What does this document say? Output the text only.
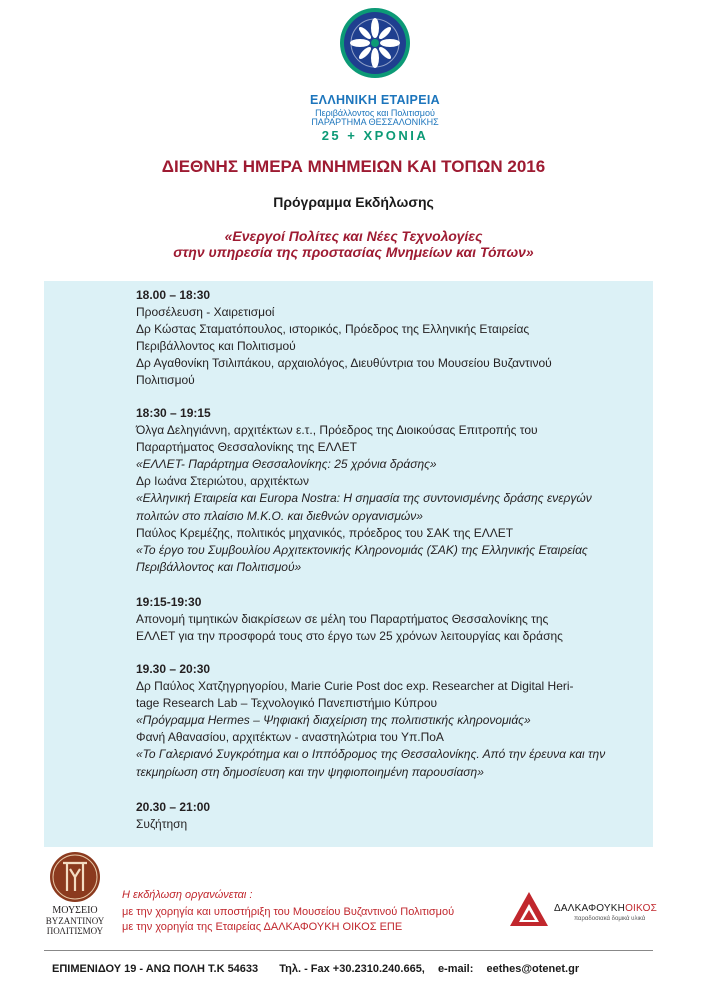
ΕΛΛΗΝΙΚΗ ΕΤΑΙΡΕΙΑ
Περιβάλλοντος και Πολιτισμού
ΠΑΡΑΡΤΗΜΑ ΘΕΣΣΑΛΟΝΙΚΗΣ
25 + ΧΡΟΝΙΑ
ΔΙΕΘΝΗΣ ΗΜΕΡΑ ΜΝΗΜΕΙΩΝ ΚΑΙ ΤΟΠΩΝ 2016
Πρόγραμμα Εκδήλωσης
«Ενεργοί Πολίτες και Νέες Τεχνολογίες
στην υπηρεσία της προστασίας Μνημείων και Τόπων»
18.00 – 18:30
Προσέλευση - Χαιρετισμοί
Δρ Κώστας Σταματόπουλος, ιστορικός, Πρόεδρος της Ελληνικής Εταιρείας
Περιβάλλοντος και Πολιτισμού
Δρ Αγαθονίκη Τσιλιπάκου, αρχαιολόγος, Διευθύντρια του Μουσείου Βυζαντινού
Πολιτισμού
18:30 – 19:15
Όλγα Δεληγιάννη, αρχιτέκτων ε.τ., Πρόεδρος της Διοικούσας Επιτροπής του
Παραρτήματος Θεσσαλονίκης της ΕΛΛΕΤ
«ΕΛΛΕΤ- Παράρτημα Θεσσαλονίκης: 25 χρόνια δράσης»
Δρ Ιωάνα Στεριώτου, αρχιτέκτων
«Ελληνική Εταιρεία και Europa Nostra: Η σημασία της συντονισμένης δράσης ενεργών
πολιτών στο πλαίσιο Μ.Κ.Ο. και διεθνών οργανισμών»
Παύλος Κρεμέζης, πολιτικός μηχανικός, πρόεδρος του ΣΑΚ της ΕΛΛΕΤ
«Το έργο του Συμβουλίου Αρχιτεκτονικής Κληρονομιάς (ΣΑΚ) της Ελληνικής Εταιρείας
Περιβάλλοντος και Πολιτισμού»
19:15-19:30
Απονομή τιμητικών διακρίσεων σε μέλη του Παραρτήματος Θεσσαλονίκης της
ΕΛΛΕΤ για την προσφορά τους στο έργο των 25 χρόνων λειτουργίας και δράσης
19.30 – 20:30
Δρ Παύλος Χατζηγρηγορίου, Marie Curie Post doc exp. Researcher at Digital Heri-
tage Research Lab – Τεχνολογικό Πανεπιστήμιο Κύπρου
«Πρόγραμμα Hermes – Ψηφιακή διαχείριση της πολιτιστικής κληρονομιάς»
Φανή Αθανασίου, αρχιτέκτων - αναστηλώτρια του Υπ.ΠοΑ
«Το Γαλεριανό Συγκρότημα και ο Ιππόδρομος της Θεσσαλονίκης. Από την έρευνα και την
τεκμηρίωση στη δημοσίευση και την ψηφιοποιημένη παρουσίαση»
20.30 – 21:00
Συζήτηση
ΜΟΥΣΕΙΟ
ΒΥΖΑΝΤΙΝΟΥ
ΠΟΛΙΤΙΣΜΟΥ
Η εκδήλωση οργανώνεται :
με την χορηγία και υποστήριξη του Μουσείου Βυζαντινού Πολιτισμού
με την χορηγία της Εταιρείας ΔΑΛΚΑΦΟΥΚΗ ΟΙΚΟΣ ΕΠΕ
ΔΑΛΚΑΦΟΥΚΗΟΙΚΟΣ
παραδοσιακά δομικά υλικά
ΕΠΙΜΕΝΙΔΟΥ 19 - ΑΝΩ ΠΟΛΗ Τ.Κ 54633 Τηλ. - Fax +30.2310.240.665, e-mail: eethes@otenet.gr
